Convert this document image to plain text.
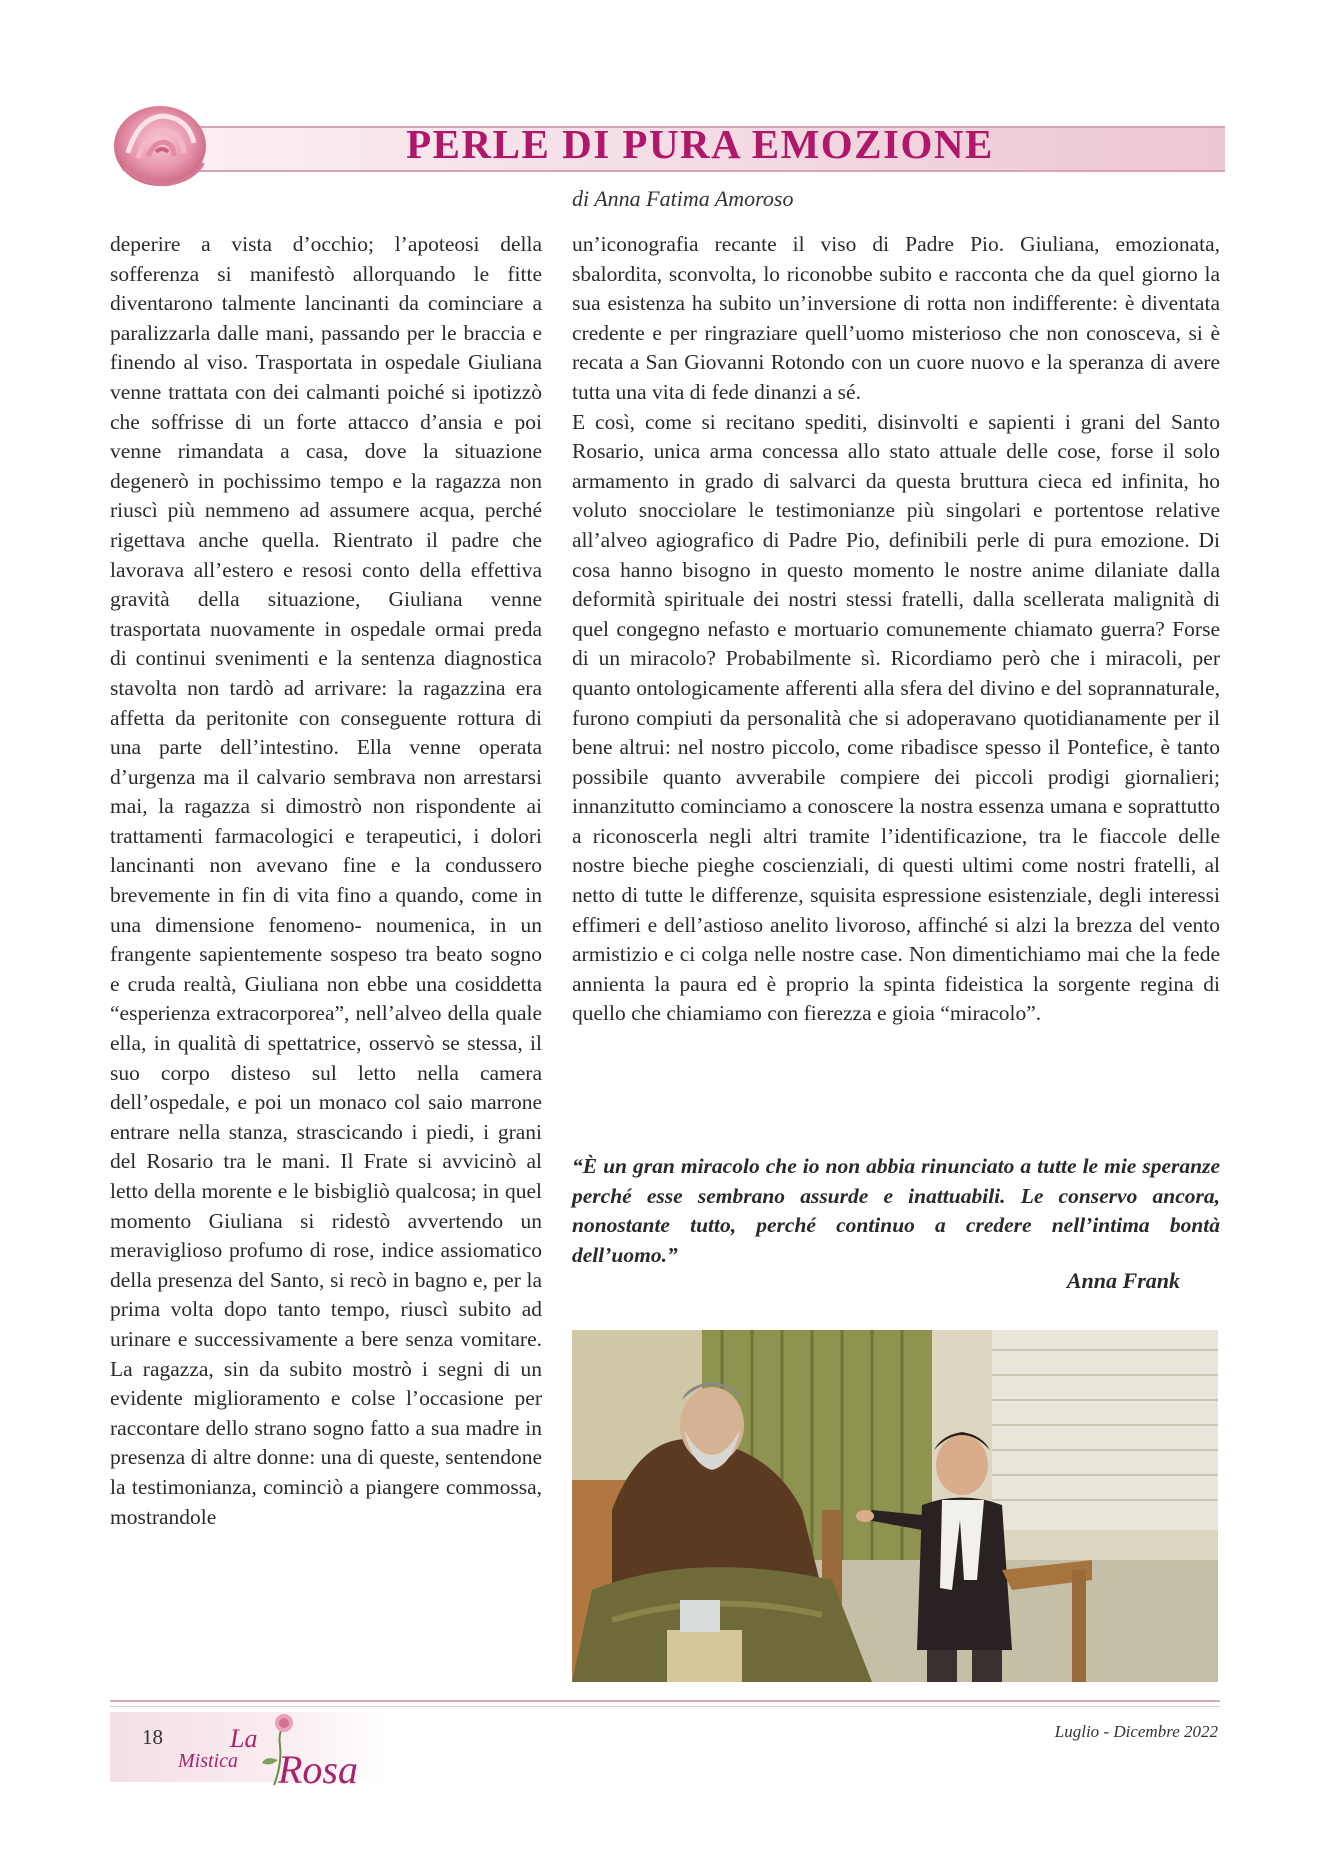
PERLE DI PURA EMOZIONE
di Anna Fatima Amoroso

deperire a vista d’occhio; l’apoteosi della sofferenza si manifestò allorquando le fitte diventarono talmente lancinanti da cominciare a paralizzarla dalle mani, passando per le braccia e finendo al viso. Trasportata in ospedale Giuliana venne trattata con dei calmanti poiché si ipotizzò che soffrisse di un forte attacco d’ansia e poi venne rimandata a casa, dove la situazione degenerò in pochissimo tempo e la ragazza non riuscì più nemmeno ad assumere acqua, perché rigettava anche quella. Rientrato il padre che lavorava all’estero e resosi conto della effettiva gravità della situazione, Giuliana venne trasportata nuovamente in ospedale ormai preda di continui svenimenti e la sentenza diagnostica stavolta non tardò ad arrivare: la ragazzina era affetta da peritonite con conseguente rottura di una parte dell’intestino. Ella venne operata d’urgenza ma il calvario sembrava non arrestarsi mai, la ragazza si dimostrò non rispondente ai trattamenti farmacologici e terapeutici, i dolori lancinanti non avevano fine e la condussero brevemente in fin di vita fino a quando, come in una dimensione fenomeno- noumenica, in un frangente sapientemente sospeso tra beato sogno e cruda realtà, Giuliana non ebbe una cosiddetta “esperienza extracorporea”, nell’alveo della quale ella, in qualità di spettatrice, osservò se stessa, il suo corpo disteso sul letto nella camera dell’ospedale, e poi un monaco col saio marrone entrare nella stanza, strascicando i piedi, i grani del Rosario tra le mani. Il Frate si avvicinò al letto della morente e le bisbigliò qualcosa; in quel momento Giuliana si ridestò avvertendo un meraviglioso profumo di rose, indice assiomatico della presenza del Santo, si recò in bagno e, per la prima volta dopo tanto tempo, riuscì subito ad urinare e successivamente a bere senza vomitare. La ragazza, sin da subito mostrò i segni di un evidente miglioramento e colse l’occasione per raccontare dello strano sogno fatto a sua madre in presenza di altre donne: una di queste, sentendone la testimonianza, cominciò a piangere commossa, mostrandole

un’iconografia recante il viso di Padre Pio. Giuliana, emozionata, sbalordita, sconvolta, lo riconobbe subito e racconta che da quel giorno la sua esistenza ha subito un’inversione di rotta non indifferente: è diventata credente e per ringraziare quell’uomo misterioso che non conosceva, si è recata a San Giovanni Rotondo con un cuore nuovo e la speranza di avere tutta una vita di fede dinanzi a sé.

E così, come si recitano spediti, disinvolti e sapienti i grani del Santo Rosario, unica arma concessa allo stato attuale delle cose, forse il solo armamento in grado di salvarci da questa bruttura cieca ed infinita, ho voluto snocciolare le testimonianze più singolari e portentose relative all’alveo agiografico di Padre Pio, definibili perle di pura emozione. Di cosa hanno bisogno in questo momento le nostre anime dilaniate dalla deformità spirituale dei nostri stessi fratelli, dalla scellerata malignità di quel congegno nefasto e mortuario comunemente chiamato guerra? Forse di un miracolo? Probabilmente sì. Ricordiamo però che i miracoli, per quanto ontologicamente afferenti alla sfera del divino e del soprannaturale, furono compiuti da personalità che si adoperavano quotidianamente per il bene altrui: nel nostro piccolo, come ribadisce spesso il Pontefice, è tanto possibile quanto avverabile compiere dei piccoli prodigi giornalieri; innanzitutto cominciamo a conoscere la nostra essenza umana e soprattutto a riconoscerla negli altri tramite l’identificazione, tra le fiaccole delle nostre bieche pieghe coscienziali, di questi ultimi come nostri fratelli, al netto di tutte le differenze, squisita espressione esistenziale, degli interessi effimeri e dell’astioso anelito livoroso, affinché si alzi la brezza del vento armistizio e ci colga nelle nostre case. Non dimentichiamo mai che la fede annienta la paura ed è proprio la spinta fideistica la sorgente regina di quello che chiamiamo con fierezza e gioia “miracolo”.

“È un gran miracolo che io non abbia rinunciato a tutte le mie speranze perché esse sembrano assurde e inattuabili. Le conservo ancora, nonostante tutto, perché continuo a credere nell’intima bontà dell’uomo.”
Anna Frank
18	La
Mistica Rosa
Luglio - Dicembre 2022
